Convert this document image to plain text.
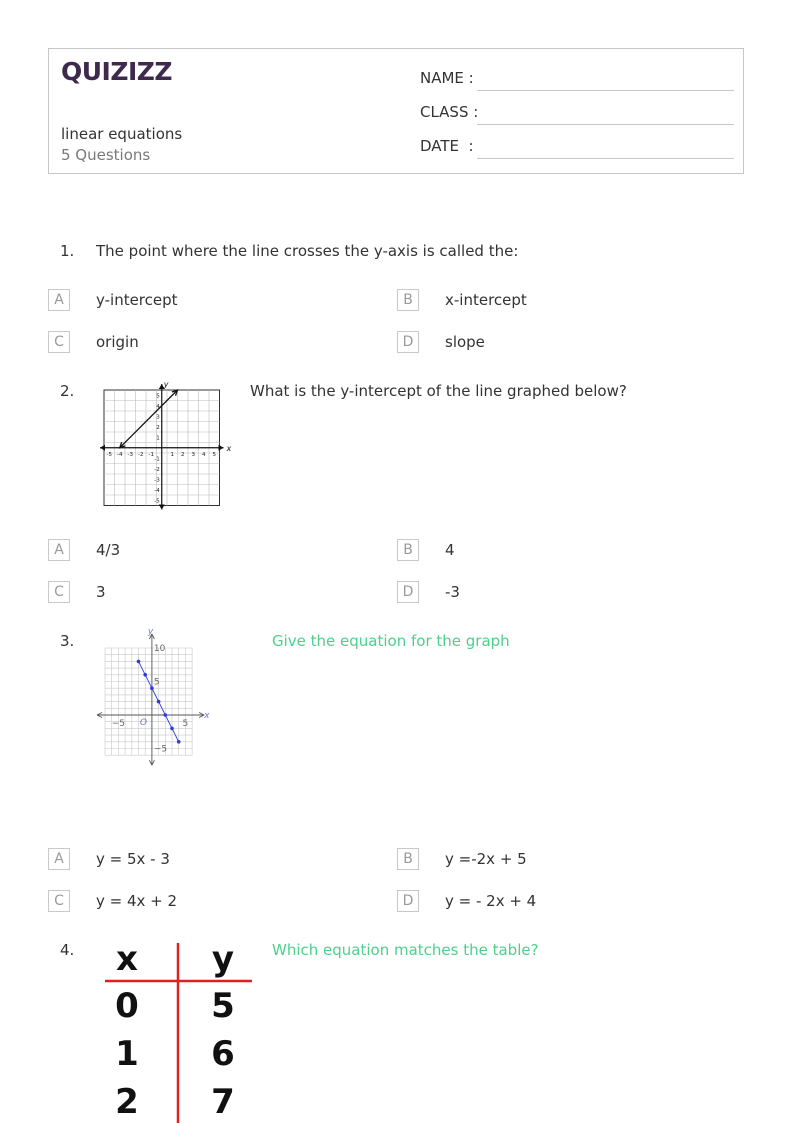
QUIZIZZ
linear equations
5 Questions
NAME :
CLASS :
DATE  :
1. The point where the line crosses the y-axis is called the:
A	y-intercept	B	x-intercept
C	origin	D	slope
2.	What is the y-intercept of the line graphed below?
x
y
-5 -4 -3 -2 -1	1 2 3 4 5
5
4
3
2
1
-1
-2
-3
-4
-5
A	4/3	B	4
C	3	D	-3
3.	Give the equation for the graph
x
y
O
−5	5
5
10
−5
A	y = 5x - 3	B	y =-2x + 5
C	y = 4x + 2	D	y = - 2x + 4
4.	Which equation matches the table?
x y
0 5
1 6
2 7
